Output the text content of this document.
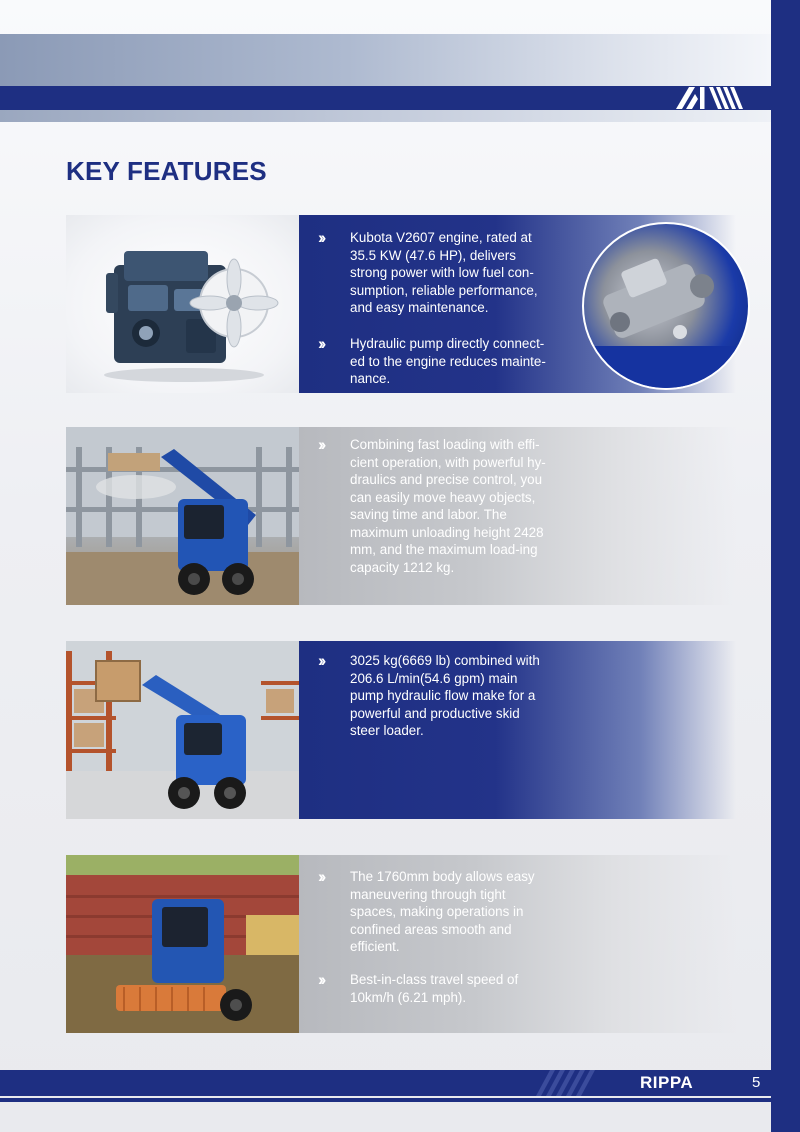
KEY FEATURES
›› Kubota V2607 engine, rated at 35.5 KW (47.6 HP), delivers strong power with low fuel con-sumption, reliable performance, and easy maintenance.
›› Hydraulic pump directly connect-ed to the engine reduces mainte-nance.
›› Combining fast loading with effi-cient operation, with powerful hy-draulics and precise control, you can easily move heavy objects, saving time and labor. The maximum unloading height 2428 mm, and the maximum load-ing capacity 1212 kg.
›› 3025 kg(6669 lb) combined with 206.6 L/min(54.6 gpm) main pump hydraulic flow make for a powerful and productive skid steer loader.
›› The 1760mm body allows easy maneuvering through tight spaces, making operations in confined areas smooth and efficient.
›› Best-in-class travel speed of 10km/h (6.21 mph).
RIPPA	5
